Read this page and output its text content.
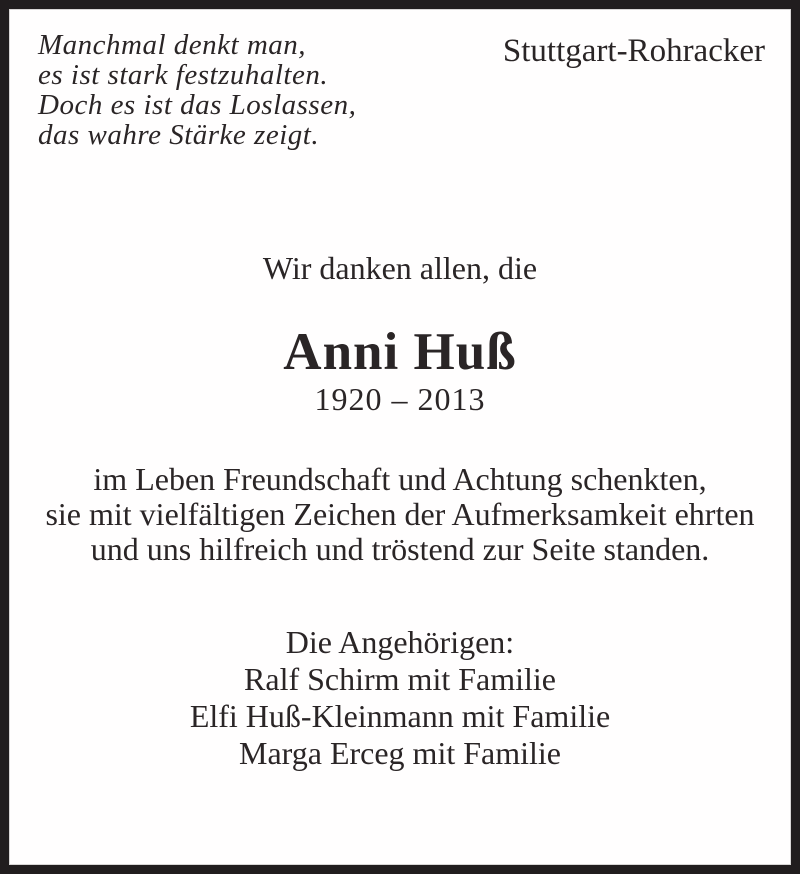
Manchmal denkt man,
es ist stark festzuhalten.
Doch es ist das Loslassen,
das wahre Stärke zeigt.
Stuttgart-Rohracker
Wir danken allen, die
Anni Huß
1920 – 2013
im Leben Freundschaft und Achtung schenkten,
sie mit vielfältigen Zeichen der Aufmerksamkeit ehrten
und uns hilfreich und tröstend zur Seite standen.
Die Angehörigen:
Ralf Schirm mit Familie
Elfi Huß-Kleinmann mit Familie
Marga Erceg mit Familie
